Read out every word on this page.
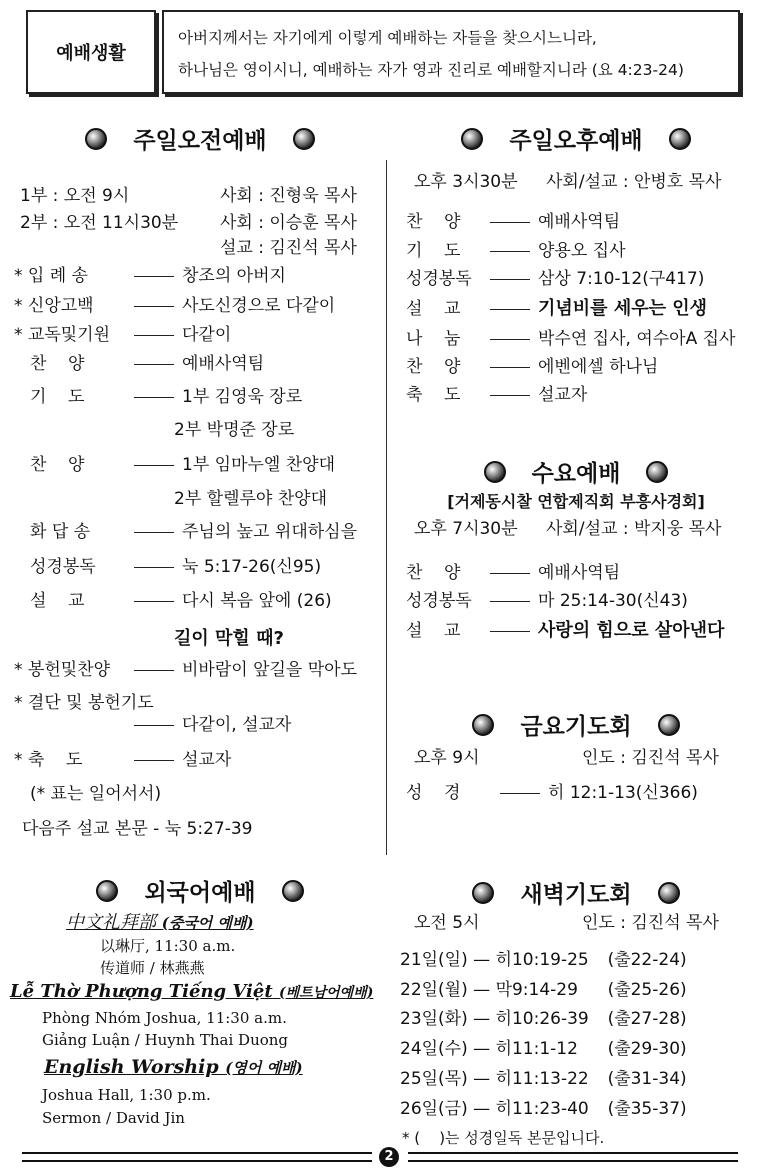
예배생활
아버지께서는 자기에게 이렇게 예배하는 자들을 찾으시느니라,
하나님은 영이시니, 예배하는 자가 영과 진리로 예배할지니라 (요 4:23-24)
주일오전예배
1부 : 오전 9시	사회 : 진형욱 목사
2부 : 오전 11시30분 사회 : 이승훈 목사
설교 : 김진석 목사
* 입 례 송	창조의 아버지
* 신앙고백	사도신경으로 다같이
* 교독및기원	다같이
찬    양	예배사역팀
기    도	1부 김영욱 장로
2부 박명준 장로
찬    양	1부 임마누엘 찬양대
2부 할렐루야 찬양대
화 답 송	주님의 높고 위대하심을
성경봉독	눅 5:17-26(신95)
설    교	다시 복음 앞에 (26)
길이 막힐 때?
* 봉헌및찬양	비바람이 앞길을 막아도
* 결단 및 봉헌기도
다같이, 설교자
* 축    도	설교자
(* 표는 일어서서)
다음주 설교 본문 - 눅 5:27-39
외국어예배
中文礼拜部 (중국어 예배)
以琳厅, 11:30 a.m.
传道师 / 林燕燕
Lễ Thờ Phượng Tiếng Việt (베트남어예배)
Phòng Nhóm Joshua, 11:30 a.m.
Giảng Luận / Huynh Thai Duong
English Worship (영어 예배)
Joshua Hall, 1:30 p.m.
Sermon / David Jin
주일오후예배
오후 3시30분 사회/설교 : 안병호 목사
찬    양	예배사역팀
기    도	양용오 집사
성경봉독	삼상 7:10-12(구417)
설    교	기념비를 세우는 인생
나    눔	박수연 집사, 여수아A 집사
찬    양	에벤에셀 하나님
축    도	설교자
수요예배
[거제동시찰 연합제직회 부흥사경회]
오후 7시30분 사회/설교 : 박지웅 목사
찬    양	예배사역팀
성경봉독	마 25:14-30(신43)
설    교	사랑의 힘으로 살아낸다
금요기도회
오후 9시	인도 : 김진석 목사
성    경	히 12:1-13(신366)
새벽기도회
오전 5시	인도 : 김진석 목사
21일(일) — 히10:19-25 (출22-24)
22일(월) — 막9:14-29 (출25-26)
23일(화) — 히10:26-39 (출27-28)
24일(수) — 히11:1-12 (출29-30)
25일(목) — 히11:13-22 (출31-34)
26일(금) — 히11:23-40 (출35-37)
* (    )는 성경일독 본문입니다.
2
